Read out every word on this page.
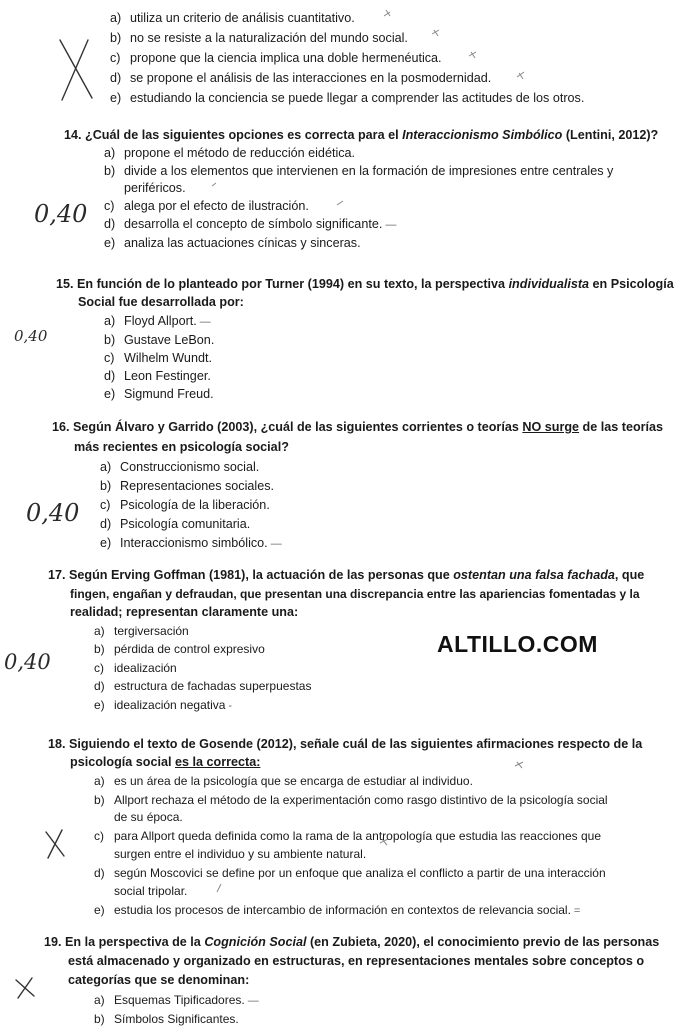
a) utiliza un criterio de análisis cuantitativo.
b) no se resiste a la naturalización del mundo social.
c) propone que la ciencia implica una doble hermenéutica.
d) se propone el análisis de las interacciones en la posmodernidad.
e) estudiando la conciencia se puede llegar a comprender las actitudes de los otros.
14. ¿Cuál de las siguientes opciones es correcta para el Interaccionismo Simbólico (Lentini, 2012)?
a) propone el método de reducción eidética.
b) divide a los elementos que intervienen en la formación de impresiones entre centrales y
periféricos.
c) alega por el efecto de ilustración.
d) desarrolla el concepto de símbolo significante. —
e) analiza las actuaciones cínicas y sinceras.
0,40
15. En función de lo planteado por Turner (1994) en su texto, la perspectiva individualista en Psicología
Social fue desarrollada por:
a) Floyd Allport. —
b) Gustave LeBon.
c) Wilhelm Wundt.
d) Leon Festinger.
e) Sigmund Freud.
0,40
16. Según Álvaro y Garrido (2003), ¿cuál de las siguientes corrientes o teorías NO surge de las teorías
más recientes en psicología social?
a) Construccionismo social.
b) Representaciones sociales.
c) Psicología de la liberación.
d) Psicología comunitaria.
e) Interaccionismo simbólico. —
0,40
17. Según Erving Goffman (1981), la actuación de las personas que ostentan una falsa fachada, que
fingen, engañan y defraudan, que presentan una discrepancia entre las apariencias fomentadas y la
realidad; representan claramente una:
a) tergiversación
b) pérdida de control expresivo
c) idealización
d) estructura de fachadas superpuestas
e) idealización negativa -
0,40
ALTILLO.COM
18. Siguiendo el texto de Gosende (2012), señale cuál de las siguientes afirmaciones respecto de la
psicología social es la correcta:
a) es un área de la psicología que se encarga de estudiar al individuo.
b) Allport rechaza el método de la experimentación como rasgo distintivo de la psicología social
de su época.
c) para Allport queda definida como la rama de la antropología que estudia las reacciones que
surgen entre el individuo y su ambiente natural.
d) según Moscovici se define por un enfoque que analiza el conflicto a partir de una interacción
social tripolar.
e) estudia los procesos de intercambio de información en contextos de relevancia social. =
19. En la perspectiva de la Cognición Social (en Zubieta, 2020), el conocimiento previo de las personas
está almacenado y organizado en estructuras, en representaciones mentales sobre conceptos o
categorías que se denominan:
a) Esquemas Tipificadores. —
b) Símbolos Significantes.
